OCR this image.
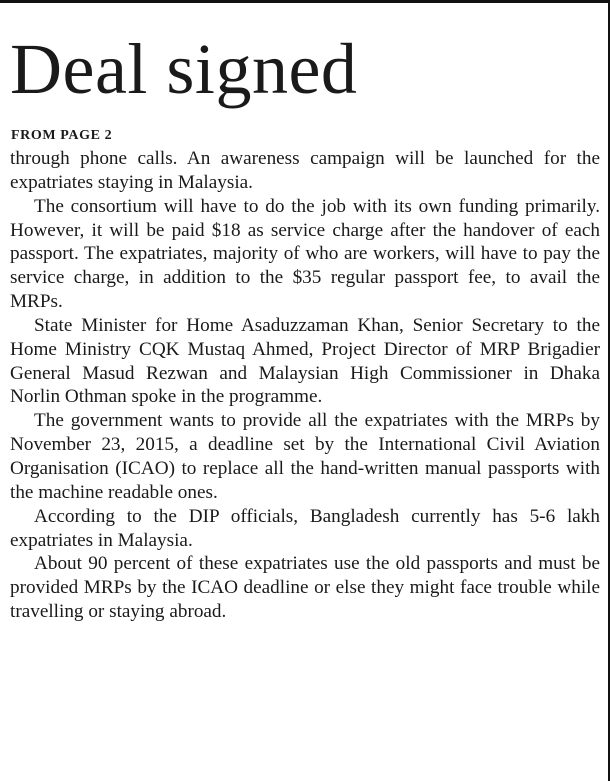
Deal signed
FROM PAGE 2

through phone calls. An awareness campaign will be launched for the expatriates staying in Malaysia.

The consortium will have to do the job with its own funding primarily. However, it will be paid $18 as service charge after the handover of each passport. The expatriates, majority of who are workers, will have to pay the service charge, in addition to the $35 regular passport fee, to avail the MRPs.

State Minister for Home Asaduzzaman Khan, Senior Secretary to the Home Ministry CQK Mustaq Ahmed, Project Director of MRP Brigadier General Masud Rezwan and Malaysian High Commissioner in Dhaka Norlin Othman spoke in the programme.

The government wants to provide all the expatriates with the MRPs by November 23, 2015, a deadline set by the International Civil Aviation Organisation (ICAO) to replace all the hand-written manual passports with the machine readable ones.

According to the DIP officials, Bangladesh currently has 5-6 lakh expatriates in Malaysia.

About 90 percent of these expatriates use the old passports and must be provided MRPs by the ICAO deadline or else they might face trouble while travelling or staying abroad.
